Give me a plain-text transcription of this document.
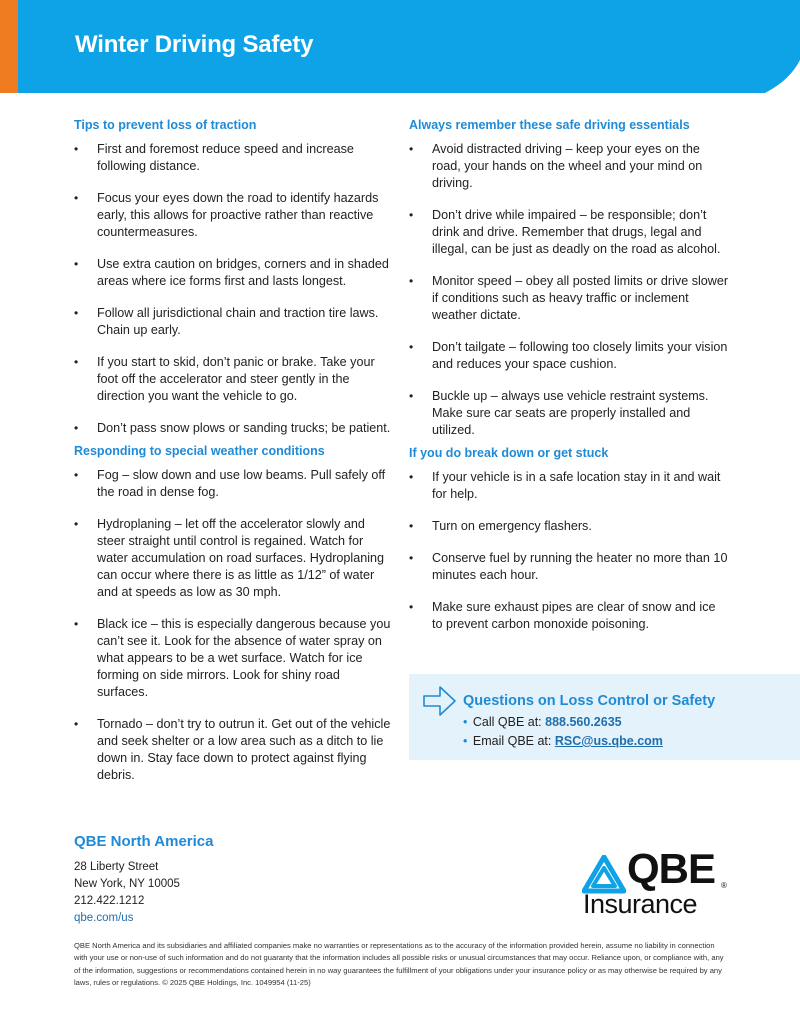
Winter Driving Safety
Tips to prevent loss of traction
• First and foremost reduce speed and increase following distance.
• Focus your eyes down the road to identify hazards early, this allows for proactive rather than reactive countermeasures.
• Use extra caution on bridges, corners and in shaded areas where ice forms first and lasts longest.
• Follow all jurisdictional chain and traction tire laws. Chain up early.
• If you start to skid, don’t panic or brake. Take your foot off the accelerator and steer gently in the direction you want the vehicle to go.
• Don’t pass snow plows or sanding trucks; be patient.
Responding to special weather conditions
• Fog – slow down and use low beams. Pull safely off the road in dense fog.
• Hydroplaning – let off the accelerator slowly and steer straight until control is regained. Watch for water accumulation on road surfaces. Hydroplaning can occur where there is as little as 1/12” of water and at speeds as low as 30 mph.
• Black ice – this is especially dangerous because you can’t see it. Look for the absence of water spray on what appears to be a wet surface. Watch for ice forming on side mirrors. Look for shiny road surfaces.
• Tornado – don’t try to outrun it. Get out of the vehicle and seek shelter or a low area such as a ditch to lie down in. Stay face down to protect against flying debris.
Always remember these safe driving essentials
• Avoid distracted driving – keep your eyes on the road, your hands on the wheel and your mind on driving.
• Don’t drive while impaired – be responsible; don’t drink and drive. Remember that drugs, legal and illegal, can be just as deadly on the road as alcohol.
• Monitor speed – obey all posted limits or drive slower if conditions such as heavy traffic or inclement weather dictate.
• Don’t tailgate – following too closely limits your vision and reduces your space cushion.
• Buckle up – always use vehicle restraint systems. Make sure car seats are properly installed and utilized.
If you do break down or get stuck
• If your vehicle is in a safe location stay in it and wait for help.
• Turn on emergency flashers.
• Conserve fuel by running the heater no more than 10 minutes each hour.
• Make sure exhaust pipes are clear of snow and ice to prevent carbon monoxide poisoning.
Questions on Loss Control or Safety
• Call QBE at: 888.560.2635
• Email QBE at: RSC@us.qbe.com
QBE North America
28 Liberty Street
New York, NY 10005
212.422.1212
qbe.com/us
QBE ®
Insurance
QBE North America and its subsidiaries and affiliated companies make no warranties or representations as to the accuracy of the information provided herein, assume no liability in connection with your use or non-use of such information and do not guaranty that the information includes all possible risks or unusual circumstances that may occur. Reliance upon, or compliance with, any of the information, suggestions or recommendations contained herein in no way guarantees the fulfillment of your obligations under your insurance policy or as may otherwise be required by any laws, rules or regulations. © 2025 QBE Holdings, Inc. 1049954 (11-25)
